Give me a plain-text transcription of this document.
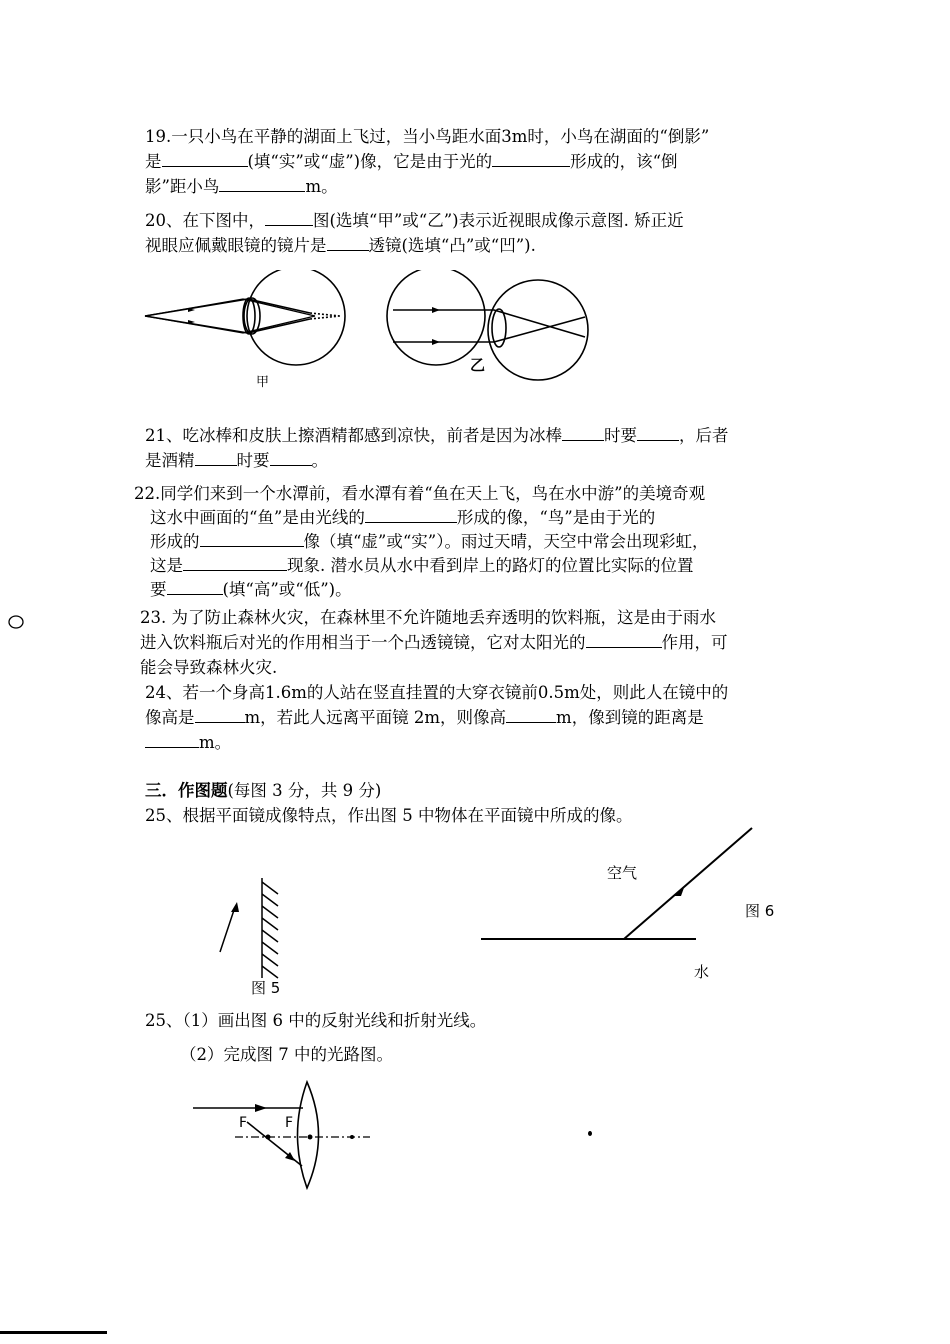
19.一只小鸟在平静的湖面上飞过，当小鸟距水面3m时，小鸟在湖面的“倒影”
是	(填“实”或“虚”)像，它是由于光的	形成的，该“倒
影”距小鸟	m。
20、在下图中，	图(选填“甲”或“乙”)表示近视眼成像示意图. 矫正近
视眼应佩戴眼镜的镜片是	透镜(选填“凸”或“凹”).
甲
乙
21、吃冰棒和皮肤上擦酒精都感到凉快，前者是因为冰棒	时要	，后者
是酒精	时要	。
22.同学们来到一个水潭前，看水潭有着“鱼在天上飞，鸟在水中游”的美境奇观
这水中画面的“鱼”是由光线的	形成的像，“鸟”是由于光的
形成的	像（填“虚”或“实”）。雨过天晴，天空中常会出现彩虹，
这是	现象. 潜水员从水中看到岸上的路灯的位置比实际的位置
要	(填“高”或“低”)。
23. 为了防止森林火灾，在森林里不允许随地丢弃透明的饮料瓶，这是由于雨水
进入饮料瓶后对光的作用相当于一个凸透镜镜，它对太阳光的	作用，可
能会导致森林火灾.
24、若一个身高1.6m的人站在竖直挂置的大穿衣镜前0.5m处，则此人在镜中的
像高是	m，若此人远离平面镜 2m，则像高	m，像到镜的距离是
m。
三．作图题(每图 3 分，共 9 分)
25、根据平面镜成像特点，作出图 5 中物体在平面镜中所成的像。
图 5
空气
图 6
水
25、（1）画出图 6 中的反射光线和折射光线。
（2）完成图 7 中的光路图。
F	F
